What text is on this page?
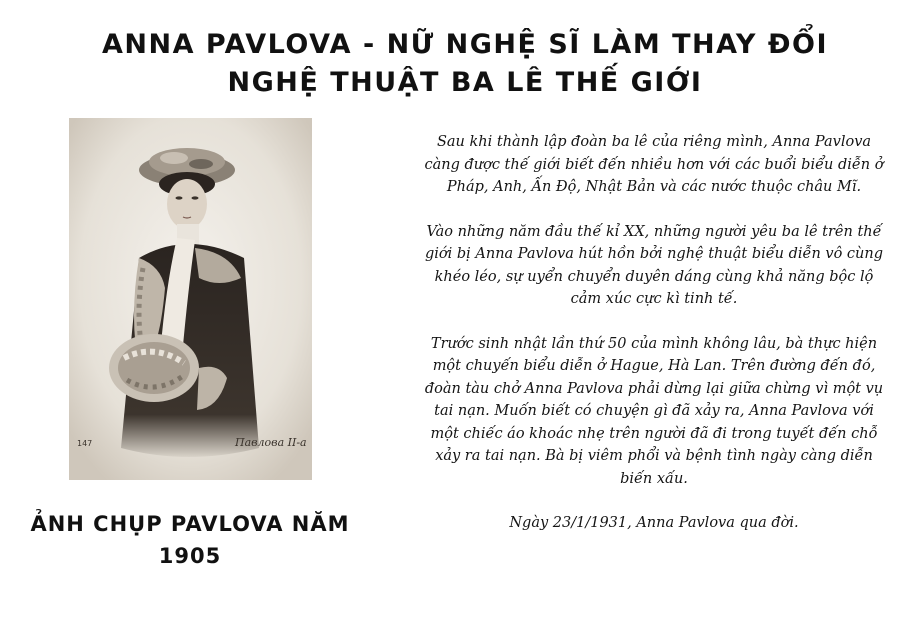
ANNA PAVLOVA - NỮ NGHỆ SĨ LÀM THAY ĐỔI
NGHỆ THUẬT BA LÊ THẾ GIỚI
147	Павлова II-а
ẢNH CHỤP PAVLOVA NĂM
1905

Sau khi thành lập đoàn ba lê của riêng mình, Anna Pavlova càng được thế giới biết đến nhiều hơn với các buổi biểu diễn ở Pháp, Anh, Ấn Độ, Nhật Bản và các nước thuộc châu Mĩ.

Vào những năm đầu thế kỉ XX, những người yêu ba lê trên thế giới bị Anna Pavlova hút hồn bởi nghệ thuật biểu diễn vô cùng khéo léo, sự uyển chuyển duyên dáng cùng khả năng bộc lộ cảm xúc cực kì tinh tế.

Trước sinh nhật lần thứ 50 của mình không lâu, bà thực hiện một chuyến biểu diễn ở Hague, Hà Lan. Trên đường đến đó, đoàn tàu chở Anna Pavlova phải dừng lại giữa chừng vì một vụ tai nạn. Muốn biết có chuyện gì đã xảy ra, Anna Pavlova với một chiếc áo khoác nhẹ trên người đã đi trong tuyết đến chỗ xảy ra tai nạn. Bà bị viêm phổi và bệnh tình ngày càng diễn biến xấu.

Ngày 23/1/1931, Anna Pavlova qua đời.
